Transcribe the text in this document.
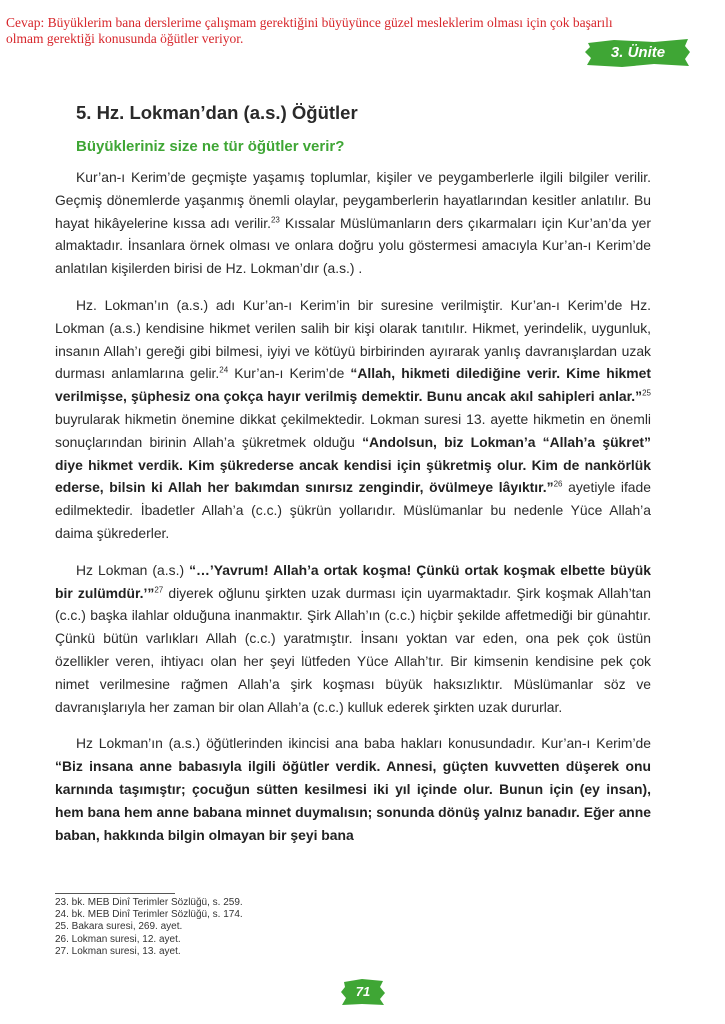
Cevap: Büyüklerim bana derslerime çalışmam gerektiğini büyüyünce güzel mesleklerim olması için çok başarılı olmam gerektiği konusunda öğütler veriyor.
3. Ünite
5. Hz. Lokman’dan (a.s.) Öğütler
Büyükleriniz size ne tür öğütler verir?

Kur’an-ı Kerim’de geçmişte yaşamış toplumlar, kişiler ve peygamberlerle ilgili bilgiler verilir. Geçmiş dönemlerde yaşanmış önemli olaylar, peygamberlerin hayatlarından kesitler anlatılır. Bu hayat hikâyelerine kıssa adı verilir.$^{23}$ Kıssalar Müslümanların ders çıkarmaları için Kur’an’da yer almaktadır. İnsanlara örnek olması ve onlara doğru yolu göstermesi amacıyla Kur’an-ı Kerim’de anlatılan kişilerden birisi de Hz. Lokman’dır (a.s.) .

Hz. Lokman’ın (a.s.) adı Kur’an-ı Kerim’in bir suresine verilmiştir. Kur’an-ı Kerim’de Hz. Lokman (a.s.) kendisine hikmet verilen salih bir kişi olarak tanıtılır. Hikmet, yerindelik, uygunluk, insanın Allah’ı gereği gibi bilmesi, iyiyi ve kötüyü birbirinden ayırarak yanlış davranışlardan uzak durması anlamlarına gelir.$^{24}$ Kur’an-ı Kerim’de “Allah, hikmeti dilediğine verir. Kime hikmet verilmişse, şüphesiz ona çokça hayır verilmiş demektir. Bunu ancak akıl sahipleri anlar.”$^{25}$ buyrularak hikmetin önemine dikkat çekilmektedir. Lokman suresi 13. ayette hikmetin en önemli sonuçlarından birinin Allah’a şükretmek olduğu “Andolsun, biz Lokman’a “Allah’a şükret” diye hikmet verdik. Kim şükrederse ancak kendisi için şükretmiş olur. Kim de nankörlük ederse, bilsin ki Allah her bakımdan sınırsız zengindir, övülmeye lâyıktır.”$^{26}$ ayetiyle ifade edilmektedir. İbadetler Allah’a (c.c.) şükrün yollarıdır. Müslümanlar bu nedenle Yüce Allah’a daima şükrederler.

Hz Lokman (a.s.) “…’Yavrum! Allah’a ortak koşma! Çünkü ortak koşmak elbette büyük bir zulümdür.’”$^{27}$ diyerek oğlunu şirkten uzak durması için uyarmaktadır. Şirk koşmak Allah’tan (c.c.) başka ilahlar olduğuna inanmaktır. Şirk Allah’ın (c.c.) hiçbir şekilde affetmediği bir günahtır. Çünkü bütün varlıkları Allah (c.c.) yaratmıştır. İnsanı yoktan var eden, ona pek çok üstün özellikler veren, ihtiyacı olan her şeyi lütfeden Yüce Allah’tır. Bir kimsenin kendisine pek çok nimet verilmesine rağmen Allah’a şirk koşması büyük haksızlıktır. Müslümanlar söz ve davranışlarıyla her zaman bir olan Allah’a (c.c.) kulluk ederek şirkten uzak dururlar.

Hz Lokman’ın (a.s.) öğütlerinden ikincisi ana baba hakları konusundadır. Kur’an-ı Kerim’de “Biz insana anne babasıyla ilgili öğütler verdik. Annesi, güçten kuvvetten düşerek onu karnında taşımıştır; çocuğun sütten kesilmesi iki yıl içinde olur. Bunun için (ey insan), hem bana hem anne babana minnet duymalısın; sonunda dönüş yalnız banadır. Eğer anne baban, hakkında bilgin olmayan bir şeyi bana

23. bk. MEB Dinî Terimler Sözlüğü, s. 259.
24. bk. MEB Dinî Terimler Sözlüğü, s. 174.
25. Bakara suresi, 269. ayet.
26. Lokman suresi, 12. ayet.
27. Lokman suresi, 13. ayet.
71
